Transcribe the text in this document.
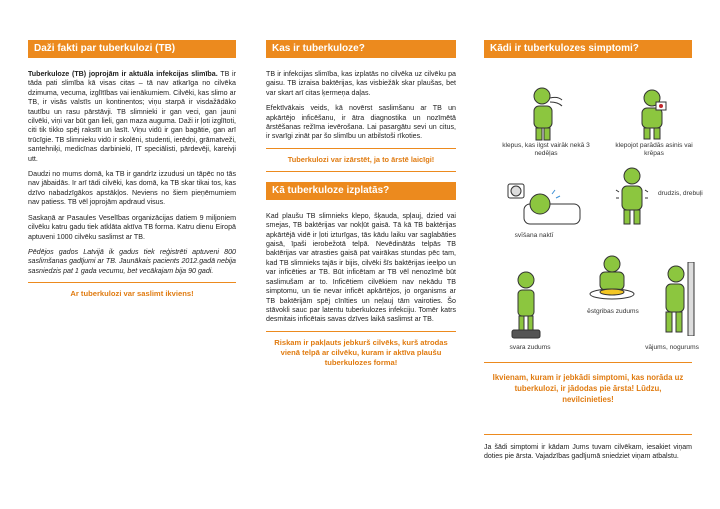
Daži fakti par tuberkulozi (TB)

Tuberkuloze (TB) joprojām ir aktuāla infekcijas slimība. TB ir tāda pati slimība kā visas citas – tā nav atkarīga no cilvēka dzimuma, vecuma, izglītības vai ienākumiem. Cilvēki, kas slimo ar TB, ir visās valstīs un kontinentos; viņu starpā ir visdažādāko tautību un rasu pārstāvji. TB slimnieki ir gan veci, gan jauni cilvēki, viņi var būt gan lieli, gan maza auguma. Daži ir ļoti izglītoti, citi tik tikko spēj rakstīt un lasīt. Viņu vidū ir gan bagātie, gan arī trūcīgie. TB slimnieku vidū ir skolēni, studenti, ierēdņi, grāmatveži, santehniķi, medicīnas darbinieki, IT speciālisti, pārdevēji, kareivji utt.

Daudzi no mums domā, ka TB ir gandrīz izzudusi un tāpēc no tās nav jābaidās. Ir arī tādi cilvēki, kas domā, ka TB skar tikai tos, kas dzīvo nabadzīgākos apstākļos. Neviens no šiem pieņēmumiem nav patiess. TB vēl joprojām apdraud visus.

Saskaņā ar Pasaules Veselības organizācijas datiem 9 miljoniem cilvēku katru gadu tiek atklāta aktīva TB forma. Katru dienu Eiropā aptuveni 1000 cilvēku saslimst ar TB.

Pēdējos gados Latvijā ik gadus tiek reģistrēti aptuveni 800 saslimšanas gadījumi ar TB. Jaunākais pacients 2012.gadā nebija sasniedzis pat 1 gada vecumu, bet vecākajam bija 90 gadi.

Ar tuberkulozi var saslimt ikviens!
Kas ir tuberkuloze?

TB ir infekcijas slimība, kas izplatās no cilvēka uz cilvēku pa gaisu. TB izraisa baktērijas, kas visbiežāk skar plaušas, bet var skart arī citas ķermeņa daļas.

Efektīvākais veids, kā novērst saslimšanu ar TB un apkārtējo inficēšanu, ir ātra diagnostika un nozīmētā ārstēšanas režīma ievērošana. Lai pasargātu sevi un citus, ir svarīgi zināt par šo slimību un atbilstoši rīkoties.

Tuberkulozi var izārstēt, ja to ārstē laicīgi!
Kā tuberkuloze izplatās?

Kad plaušu TB slimnieks klepo, šķauda, spļauj, dzied vai smejas, TB baktērijas var nokļūt gaisā. Tā kā TB baktērijas apkārtējā vidē ir ļoti izturīgas, tās kādu laiku var saglabāties gaisā, īpaši ierobežotā telpā. Nevēdinātās telpās TB baktērijas var atrasties gaisā pat vairākas stundas pēc tam, kad TB slimnieks tajās ir bijis, cilvēki šīs baktērijas ieelpo un var inficēties ar TB. Būt inficētam ar TB vēl nenozīmē būt saslimušam ar to. Inficētiem cilvēkiem nav nekādu TB simptomu, un tie nevar inficēt apkārtējos, jo organisms ar TB baktērijām spēj cīnīties un neļauj tām vairoties. Šo stāvokli sauc par latentu tuberkulozes infekciju. Tomēr katrs desmitais inficētais savas dzīves laikā saslimst ar TB.

Riskam ir pakļauts jebkurš cilvēks, kurš atrodas vienā telpā ar cilvēku, kuram ir aktīva plaušu tuberkulozes forma!
Kādi ir tuberkulozes simptomi?
klepus, kas ilgst vairāk nekā 3 nedēļas
klepojot parādās asinis vai krēpas
svīšana naktī
drudzis, drebuļi
ēstgribas zudums
svara zudums	vājums, nogurums
Ikvienam, kuram ir jebkādi simptomi, kas norāda uz tuberkulozi, ir jādodas pie ārsta! Lūdzu, nevilcinieties!
Ja šādi simptomi ir kādam Jums tuvam cilvēkam, iesakiet viņam doties pie ārsta. Vajadzības gadījumā sniedziet viņam atbalstu.
